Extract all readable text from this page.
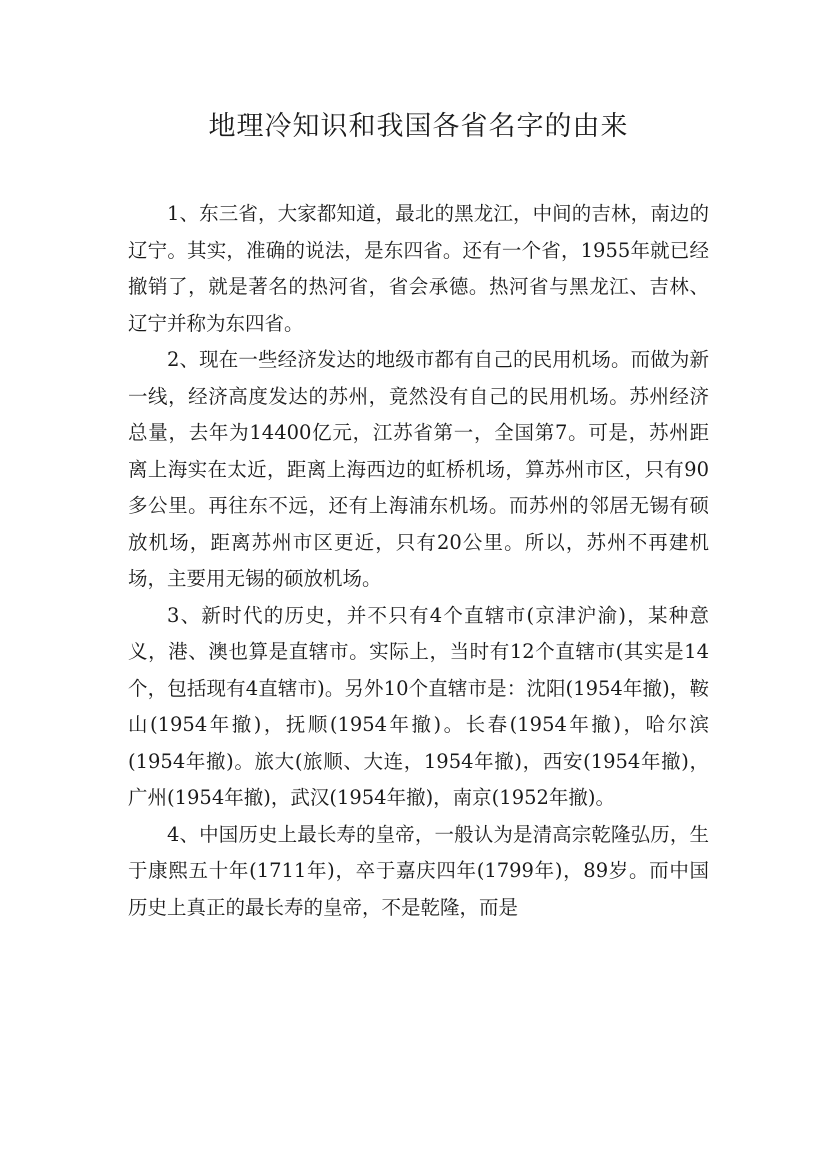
地理冷知识和我国各省名字的由来

1、东三省，大家都知道，最北的黑龙江，中间的吉林，南边的辽宁。其实，准确的说法，是东四省。还有一个省，1955年就已经撤销了，就是著名的热河省，省会承德。热河省与黑龙江、吉林、辽宁并称为东四省。

2、现在一些经济发达的地级市都有自己的民用机场。而做为新一线，经济高度发达的苏州，竟然没有自己的民用机场。苏州经济总量，去年为14400亿元，江苏省第一，全国第7。可是，苏州距离上海实在太近，距离上海西边的虹桥机场，算苏州市区，只有90多公里。再往东不远，还有上海浦东机场。而苏州的邻居无锡有硕放机场，距离苏州市区更近，只有20公里。所以，苏州不再建机场，主要用无锡的硕放机场。

3、新时代的历史，并不只有4个直辖市(京津沪渝)，某种意义，港、澳也算是直辖市。实际上，当时有12个直辖市(其实是14个，包括现有4直辖市)。另外10个直辖市是：沈阳(1954年撤)，鞍山(1954年撤)，抚顺(1954年撤)。长春(1954年撤)，哈尔滨(1954年撤)。旅大(旅顺、大连，1954年撤)，西安(1954年撤)，广州(1954年撤)，武汉(1954年撤)，南京(1952年撤)。

4、中国历史上最长寿的皇帝，一般认为是清高宗乾隆弘历，生于康熙五十年(1711年)，卒于嘉庆四年(1799年)，89岁。而中国历史上真正的最长寿的皇帝，不是乾隆，而是
